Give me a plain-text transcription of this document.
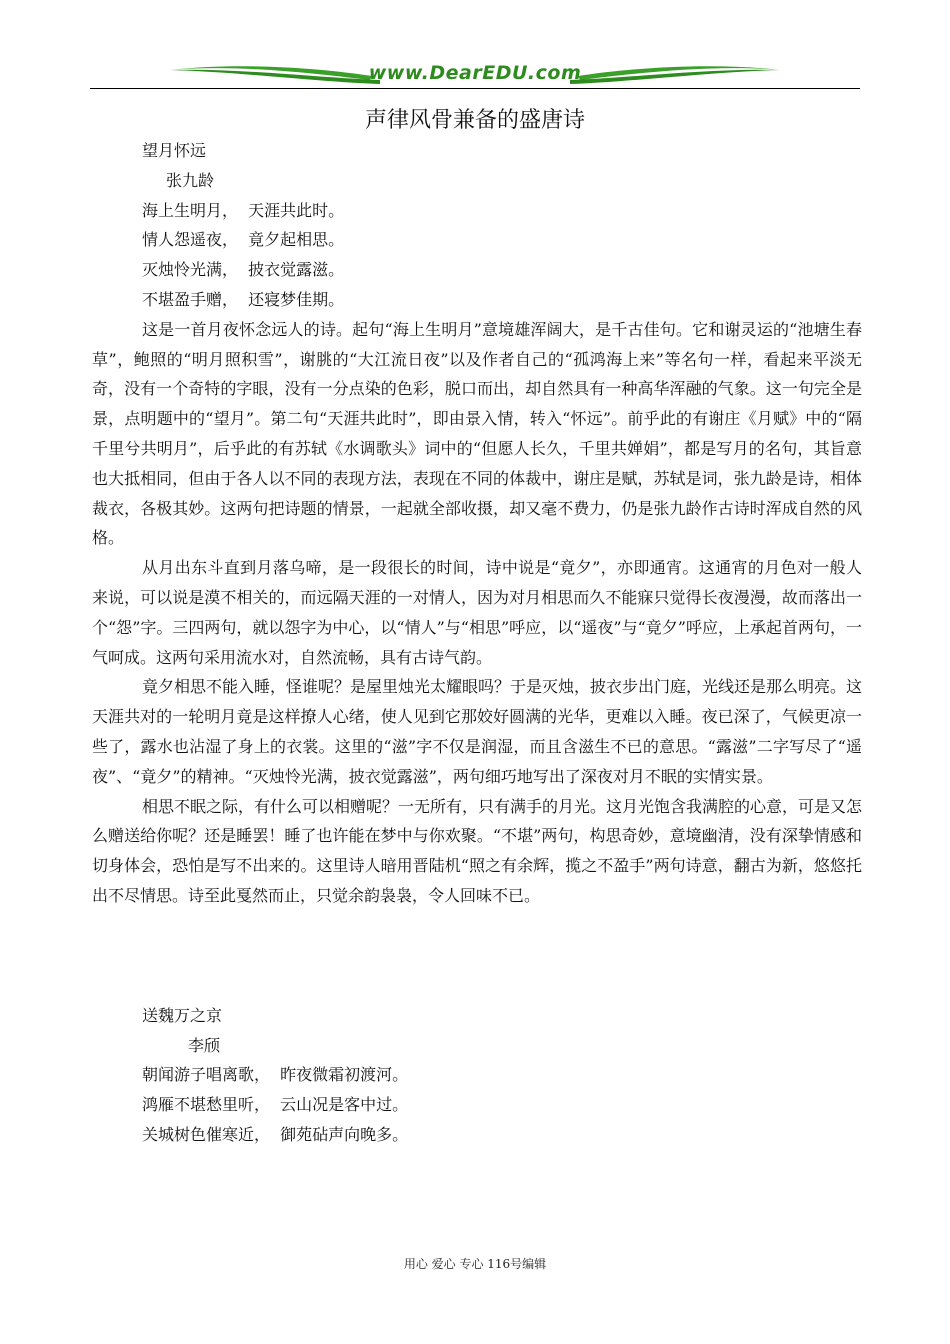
www.DearEDU.com
声律风骨兼备的盛唐诗
望月怀远
张九龄
海上生明月，  天涯共此时。
情人怨遥夜，  竟夕起相思。
灭烛怜光满，  披衣觉露滋。
不堪盈手赠，  还寝梦佳期。

这是一首月夜怀念远人的诗。起句“海上生明月”意境雄浑阔大，是千古佳句。它和谢灵运的“池塘生春草”，鲍照的“明月照积雪”，谢朓的“大江流日夜”以及作者自己的“孤鸿海上来”等名句一样，看起来平淡无奇，没有一个奇特的字眼，没有一分点染的色彩，脱口而出，却自然具有一种高华浑融的气象。这一句完全是景，点明题中的“望月”。第二句“天涯共此时”，即由景入情，转入“怀远”。前乎此的有谢庄《月赋》中的“隔千里兮共明月”，后乎此的有苏轼《水调歌头》词中的“但愿人长久，千里共婵娟”，都是写月的名句，其旨意也大抵相同，但由于各人以不同的表现方法，表现在不同的体裁中，谢庄是赋，苏轼是词，张九龄是诗，相体裁衣，各极其妙。这两句把诗题的情景，一起就全部收摄，却又毫不费力，仍是张九龄作古诗时浑成自然的风格。

从月出东斗直到月落乌啼，是一段很长的时间，诗中说是“竟夕”，亦即通宵。这通宵的月色对一般人来说，可以说是漠不相关的，而远隔天涯的一对情人，因为对月相思而久不能寐只觉得长夜漫漫，故而落出一个“怨”字。三四两句，就以怨字为中心，以“情人”与“相思”呼应，以“遥夜”与“竟夕”呼应，上承起首两句，一气呵成。这两句采用流水对，自然流畅，具有古诗气韵。

竟夕相思不能入睡，怪谁呢？是屋里烛光太耀眼吗？于是灭烛，披衣步出门庭，光线还是那么明亮。这天涯共对的一轮明月竟是这样撩人心绪，使人见到它那姣好圆满的光华，更难以入睡。夜已深了，气候更凉一些了，露水也沾湿了身上的衣裳。这里的“滋”字不仅是润湿，而且含滋生不已的意思。“露滋”二字写尽了“遥夜”、“竟夕”的精神。“灭烛怜光满，披衣觉露滋”，两句细巧地写出了深夜对月不眠的实情实景。

相思不眠之际，有什么可以相赠呢？一无所有，只有满手的月光。这月光饱含我满腔的心意，可是又怎么赠送给你呢？还是睡罢！睡了也许能在梦中与你欢聚。“不堪”两句，构思奇妙，意境幽清，没有深挚情感和切身体会，恐怕是写不出来的。这里诗人暗用晋陆机“照之有余辉，揽之不盈手”两句诗意，翻古为新，悠悠托出不尽情思。诗至此戛然而止，只觉余韵袅袅，令人回味不已。

送魏万之京
李颀
朝闻游子唱离歌，  昨夜微霜初渡河。
鸿雁不堪愁里听，  云山况是客中过。
关城树色催寒近，  御苑砧声向晚多。
用心 爱心 专心 116号编辑
